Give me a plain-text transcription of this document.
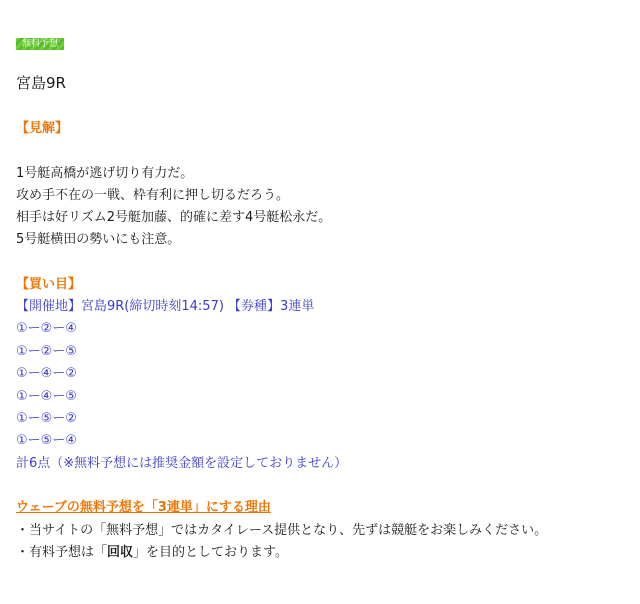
無料予想
宮島9R
【見解】
1号艇高橋が逃げ切り有力だ。
攻め手不在の一戦、枠有利に押し切るだろう。
相手は好リズム2号艇加藤、的確に差す4号艇松永だ。
5号艇横田の勢いにも注意。
【買い目】
【開催地】宮島9R(締切時刻14:57) 【券種】3連単
①ー②ー④
①ー②ー⑤
①ー④ー②
①ー④ー⑤
①ー⑤ー②
①ー⑤ー④
計6点（※無料予想には推奨金額を設定しておりません）
ウェーブの無料予想を「3連単」にする理由
・当サイトの「無料予想」ではカタイレース提供となり、先ずは競艇をお楽しみください。
・有料予想は「回収」を目的としております。
